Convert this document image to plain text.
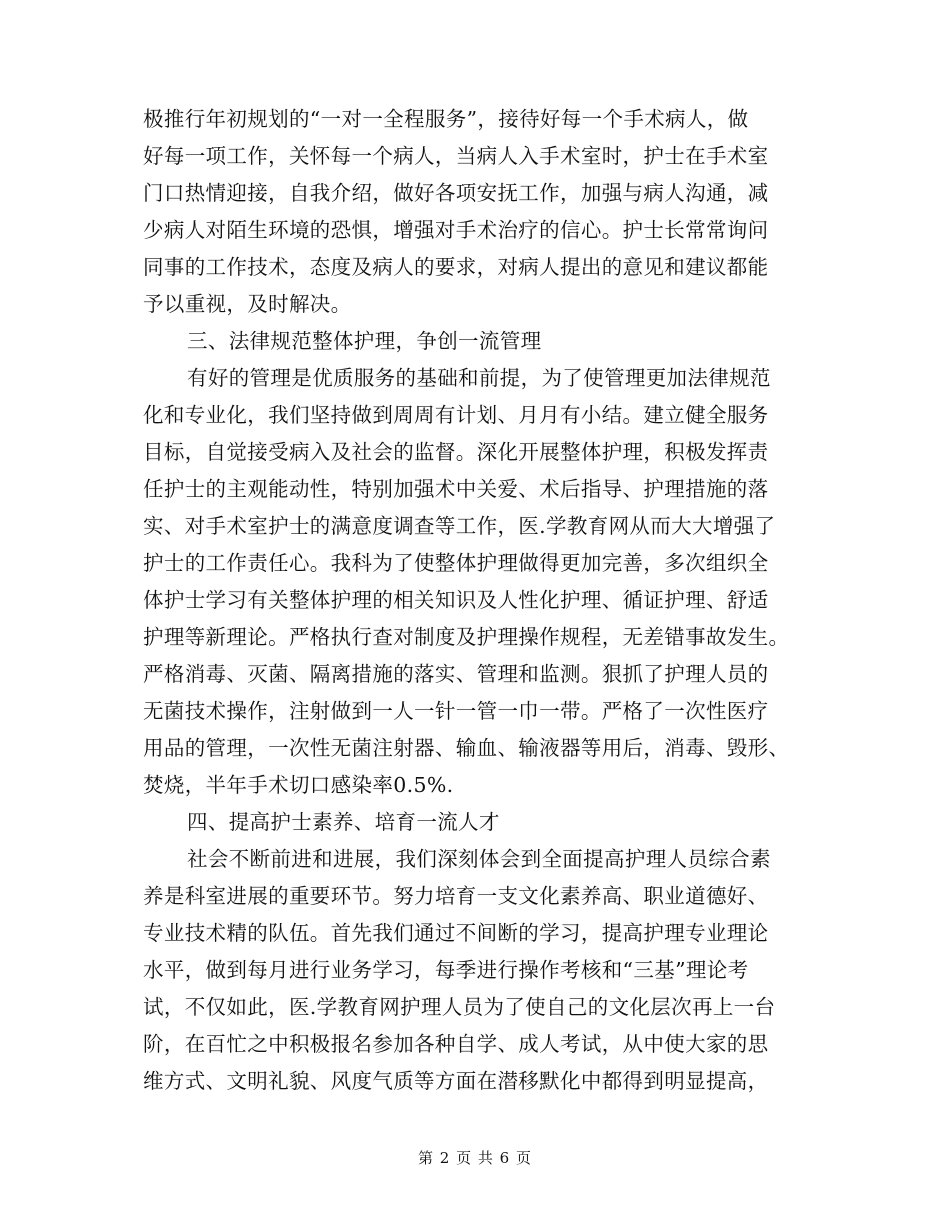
极推行年初规划的“一对一全程服务”，接待好每一个手术病人，做
好每一项工作，关怀每一个病人，当病人入手术室时，护士在手术室
门口热情迎接，自我介绍，做好各项安抚工作，加强与病人沟通，减
少病人对陌生环境的恐惧，增强对手术治疗的信心。护士长常常询问
同事的工作技术，态度及病人的要求，对病人提出的意见和建议都能
予以重视，及时解决。
三、法律规范整体护理，争创一流管理
有好的管理是优质服务的基础和前提，为了使管理更加法律规范
化和专业化，我们坚持做到周周有计划、月月有小结。建立健全服务
目标，自觉接受病入及社会的监督。深化开展整体护理，积极发挥责
任护士的主观能动性，特别加强术中关爱、术后指导、护理措施的落
实、对手术室护士的满意度调查等工作，医.学教育网从而大大增强了
护士的工作责任心。我科为了使整体护理做得更加完善，多次组织全
体护士学习有关整体护理的相关知识及人性化护理、循证护理、舒适
护理等新理论。严格执行查对制度及护理操作规程，无差错事故发生。
严格消毒、灭菌、隔离措施的落实、管理和监测。狠抓了护理人员的
无菌技术操作，注射做到一人一针一管一巾一带。严格了一次性医疗
用品的管理，一次性无菌注射器、输血、输液器等用后，消毒、毁形、
焚烧，半年手术切口感染率0.5%.
四、提高护士素养、培育一流人才
社会不断前进和进展，我们深刻体会到全面提高护理人员综合素
养是科室进展的重要环节。努力培育一支文化素养高、职业道德好、
专业技术精的队伍。首先我们通过不间断的学习，提高护理专业理论
水平，做到每月进行业务学习，每季进行操作考核和“三基”理论考
试，不仅如此，医.学教育网护理人员为了使自己的文化层次再上一台
阶，在百忙之中积极报名参加各种自学、成人考试，从中使大家的思
维方式、文明礼貌、风度气质等方面在潜移默化中都得到明显提高，
第 2 页 共 6 页
